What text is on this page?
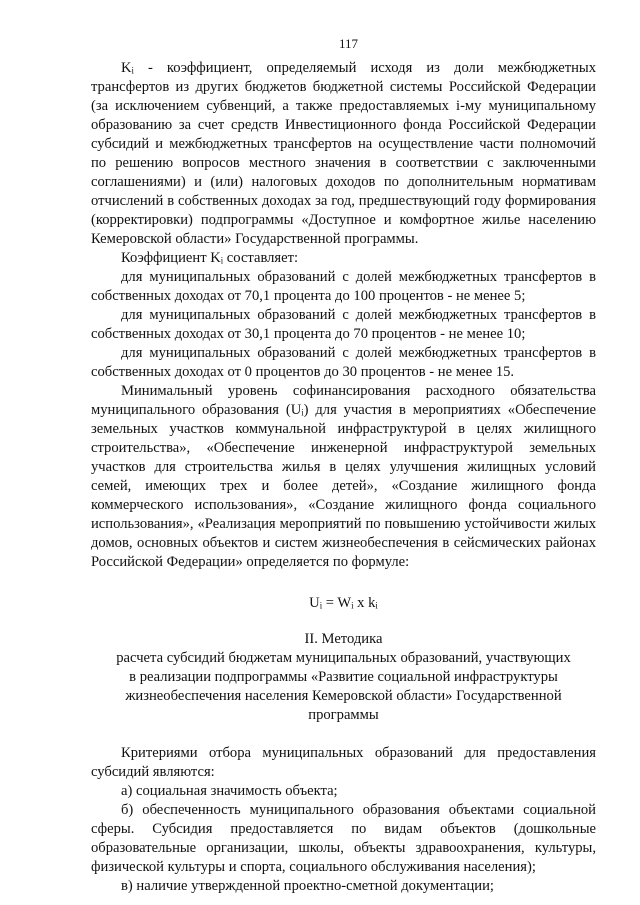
117

Kᵢ - коэффициент, определяемый исходя из доли межбюджетных трансфертов из других бюджетов бюджетной системы Российской Федерации (за исключением субвенций, а также предоставляемых i-му муниципальному образованию за счет средств Инвестиционного фонда Российской Федерации субсидий и межбюджетных трансфертов на осуществление части полномочий по решению вопросов местного значения в соответствии с заключенными соглашениями) и (или) налоговых доходов по дополнительным нормативам отчислений в собственных доходах за год, предшествующий году формирования (корректировки) подпрограммы «Доступное и комфортное жилье населению Кемеровской области» Государственной программы.

Коэффициент Kᵢ составляет:

для муниципальных образований с долей межбюджетных трансфертов в собственных доходах от 70,1 процента до 100 процентов - не менее 5;

для муниципальных образований с долей межбюджетных трансфертов в собственных доходах от 30,1 процента до 70 процентов - не менее 10;

для муниципальных образований с долей межбюджетных трансфертов в собственных доходах от 0 процентов до 30 процентов - не менее 15.

Минимальный уровень софинансирования расходного обязательства муниципального образования (Uᵢ) для участия в мероприятиях «Обеспечение земельных участков коммунальной инфраструктурой в целях жилищного строительства», «Обеспечение инженерной инфраструктурой земельных участков для строительства жилья в целях улучшения жилищных условий семей, имеющих трех и более детей», «Создание жилищного фонда коммерческого использования», «Создание жилищного фонда социального использования», «Реализация мероприятий по повышению устойчивости жилых домов, основных объектов и систем жизнеобеспечения в сейсмических районах Российской Федерации» определяется по формуле:

Uᵢ = Wᵢ x kᵢ
II. Методика
расчета субсидий бюджетам муниципальных образований, участвующих в реализации подпрограммы «Развитие социальной инфраструктуры жизнеобеспечения населения Кемеровской области» Государственной программы

Критериями отбора муниципальных образований для предоставления субсидий являются:

а) социальная значимость объекта;

б) обеспеченность муниципального образования объектами социальной сферы. Субсидия предоставляется по видам объектов (дошкольные образовательные организации, школы, объекты здравоохранения, культуры, физической культуры и спорта, социального обслуживания населения);

в) наличие утвержденной проектно-сметной документации;
